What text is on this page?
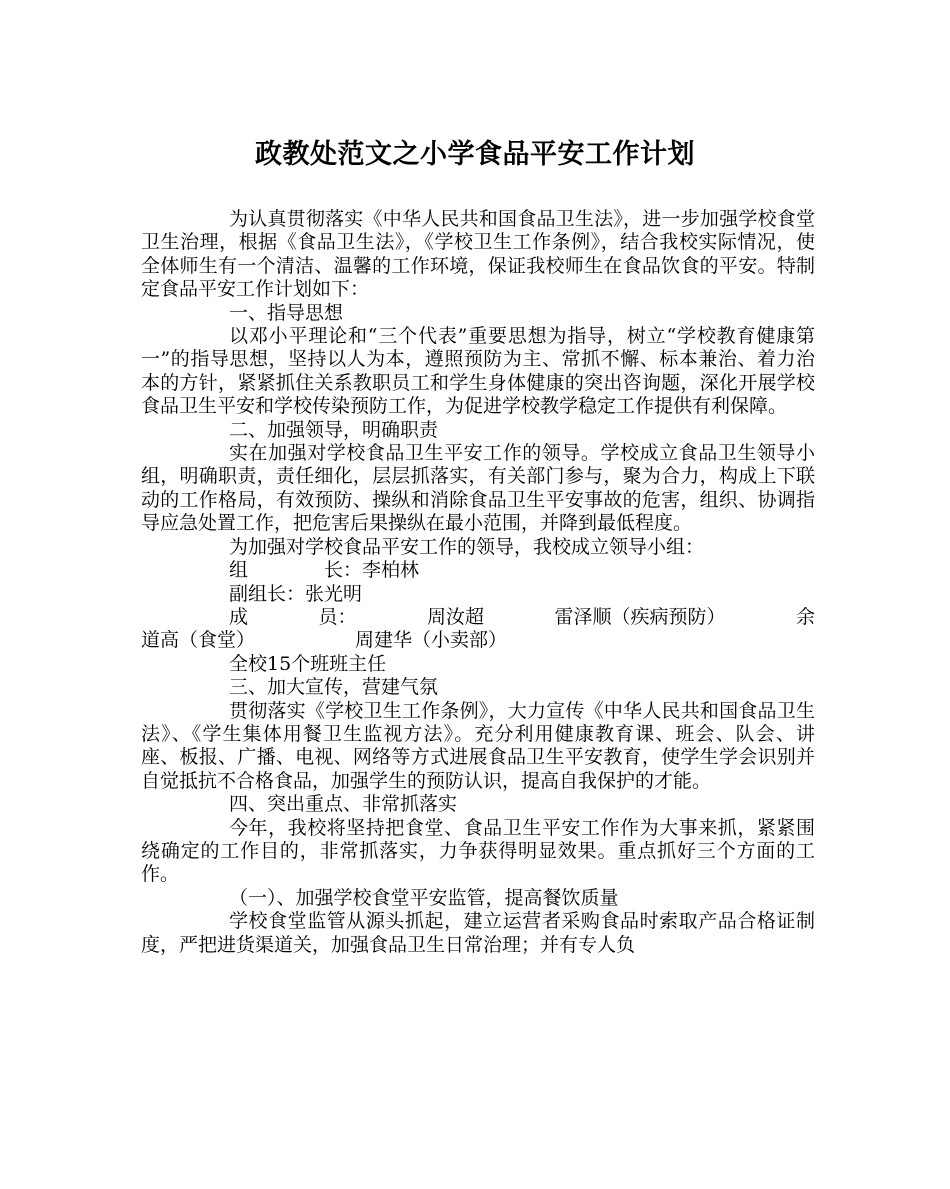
政教处范文之小学食品平安工作计划

为认真贯彻落实《中华人民共和国食品卫生法》，进一步加强学校食堂卫生治理，根据《食品卫生法》，《学校卫生工作条例》，结合我校实际情况，使全体师生有一个清洁、温馨的工作环境，保证我校师生在食品饮食的平安。特制定食品平安工作计划如下：

一、指导思想

以邓小平理论和“三个代表”重要思想为指导，树立“学校教育健康第一”的指导思想，坚持以人为本，遵照预防为主、常抓不懈、标本兼治、着力治本的方针，紧紧抓住关系教职员工和学生身体健康的突出咨询题，深化开展学校食品卫生平安和学校传染预防工作，为促进学校教学稳定工作提供有利保障。

二、加强领导，明确职责

实在加强对学校食品卫生平安工作的领导。学校成立食品卫生领导小组，明确职责，责任细化，层层抓落实，有关部门参与，聚为合力，构成上下联动的工作格局，有效预防、操纵和消除食品卫生平安事故的危害，组织、协调指导应急处置工作，把危害后果操纵在最小范围，并降到最低程度。

为加强对学校食品平安工作的领导，我校成立领导小组：

组	长：李柏林

副组长：张光明

成	员：	周汝超	雷泽顺（疾病预防）	余

道高（食堂）	周建华（小卖部）

全校15个班班主任

三、加大宣传，营建气氛

贯彻落实《学校卫生工作条例》，大力宣传《中华人民共和国食品卫生法》、《学生集体用餐卫生监视方法》。充分利用健康教育课、班会、队会、讲座、板报、广播、电视、网络等方式进展食品卫生平安教育，使学生学会识别并自觉抵抗不合格食品，加强学生的预防认识，提高自我保护的才能。

四、突出重点、非常抓落实

今年，我校将坚持把食堂、食品卫生平安工作作为大事来抓，紧紧围绕确定的工作目的，非常抓落实，力争获得明显效果。重点抓好三个方面的工作。

（一）、加强学校食堂平安监管，提高餐饮质量

学校食堂监管从源头抓起，建立运营者采购食品时索取产品合格证制度，严把进货渠道关，加强食品卫生日常治理；并有专人负
